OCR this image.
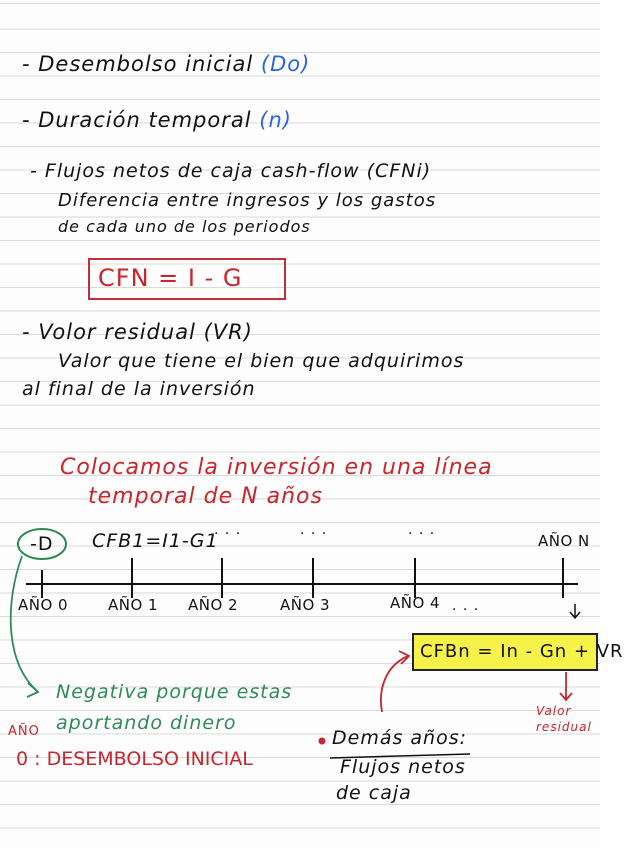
- Desembolso inicial (Do)
- Duración temporal (n)
- Flujos netos de caja cash-flow (CFNi)
Diferencia entre ingresos y los gastos
de cada uno de los periodos
CFN = I - G
- Volor residual (VR)
Valor que tiene el bien que adquirimos
al final de la inversión
Colocamos la inversión en una línea
temporal de N años
-D CFB1=I1-G1
· · ·	· · ·	· · ·	AÑO N
AÑO 0	AÑO 1 AÑO 2	AÑO 3	AÑO 4 . . .
CFBn = In - Gn + VR
Valor residual
Negativa porque estas
AÑO aportando dinero
0 : DESEMBOLSO INICIAL
Demás años:
Flujos netos
de caja
